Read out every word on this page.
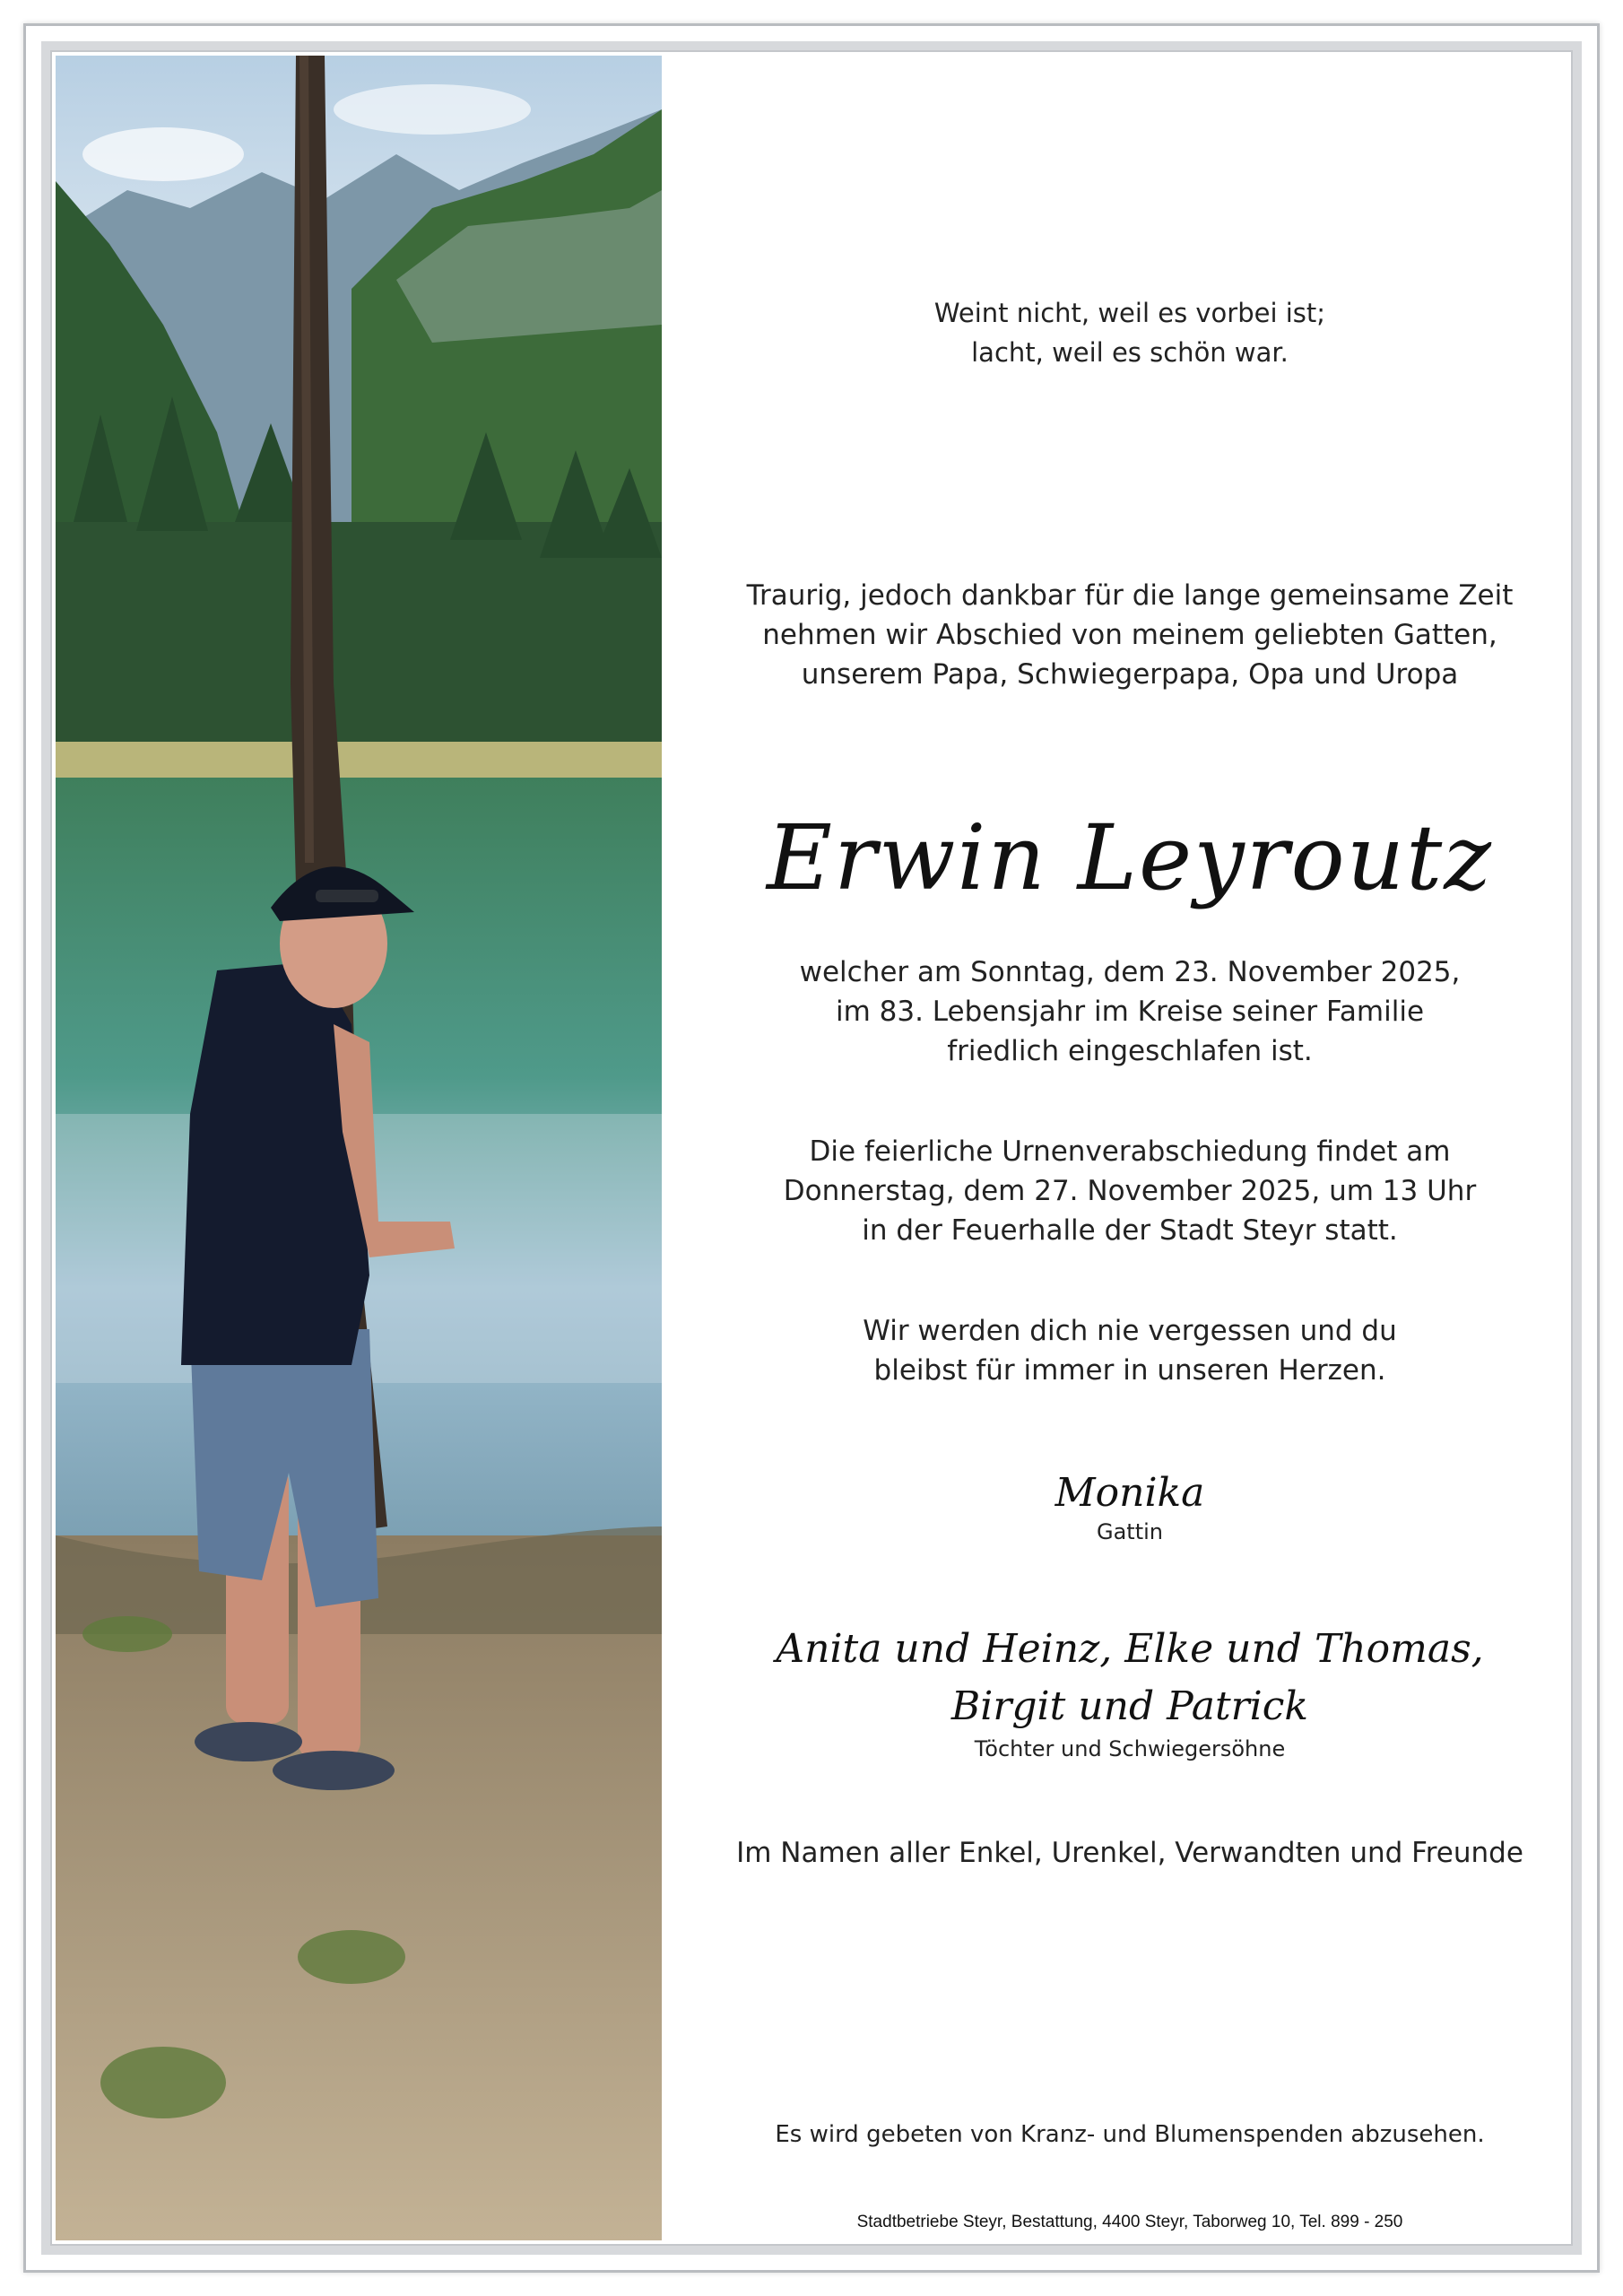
Weint nicht, weil es vorbei ist;
lacht, weil es schön war.
Traurig, jedoch dankbar für die lange gemeinsame Zeit
nehmen wir Abschied von meinem geliebten Gatten,
unserem Papa, Schwiegerpapa, Opa und Uropa
Erwin Leyroutz
welcher am Sonntag, dem 23. November 2025,
im 83. Lebensjahr im Kreise seiner Familie
friedlich eingeschlafen ist.
Die feierliche Urnenverabschiedung findet am
Donnerstag, dem 27. November 2025, um 13 Uhr
in der Feuerhalle der Stadt Steyr statt.
Wir werden dich nie vergessen und du
bleibst für immer in unseren Herzen.
Monika
Gattin
Anita und Heinz, Elke und Thomas,
Birgit und Patrick
Töchter und Schwiegersöhne
Im Namen aller Enkel, Urenkel, Verwandten und Freunde
Es wird gebeten von Kranz- und Blumenspenden abzusehen.
Stadtbetriebe Steyr, Bestattung, 4400 Steyr, Taborweg 10, Tel. 899 - 250
